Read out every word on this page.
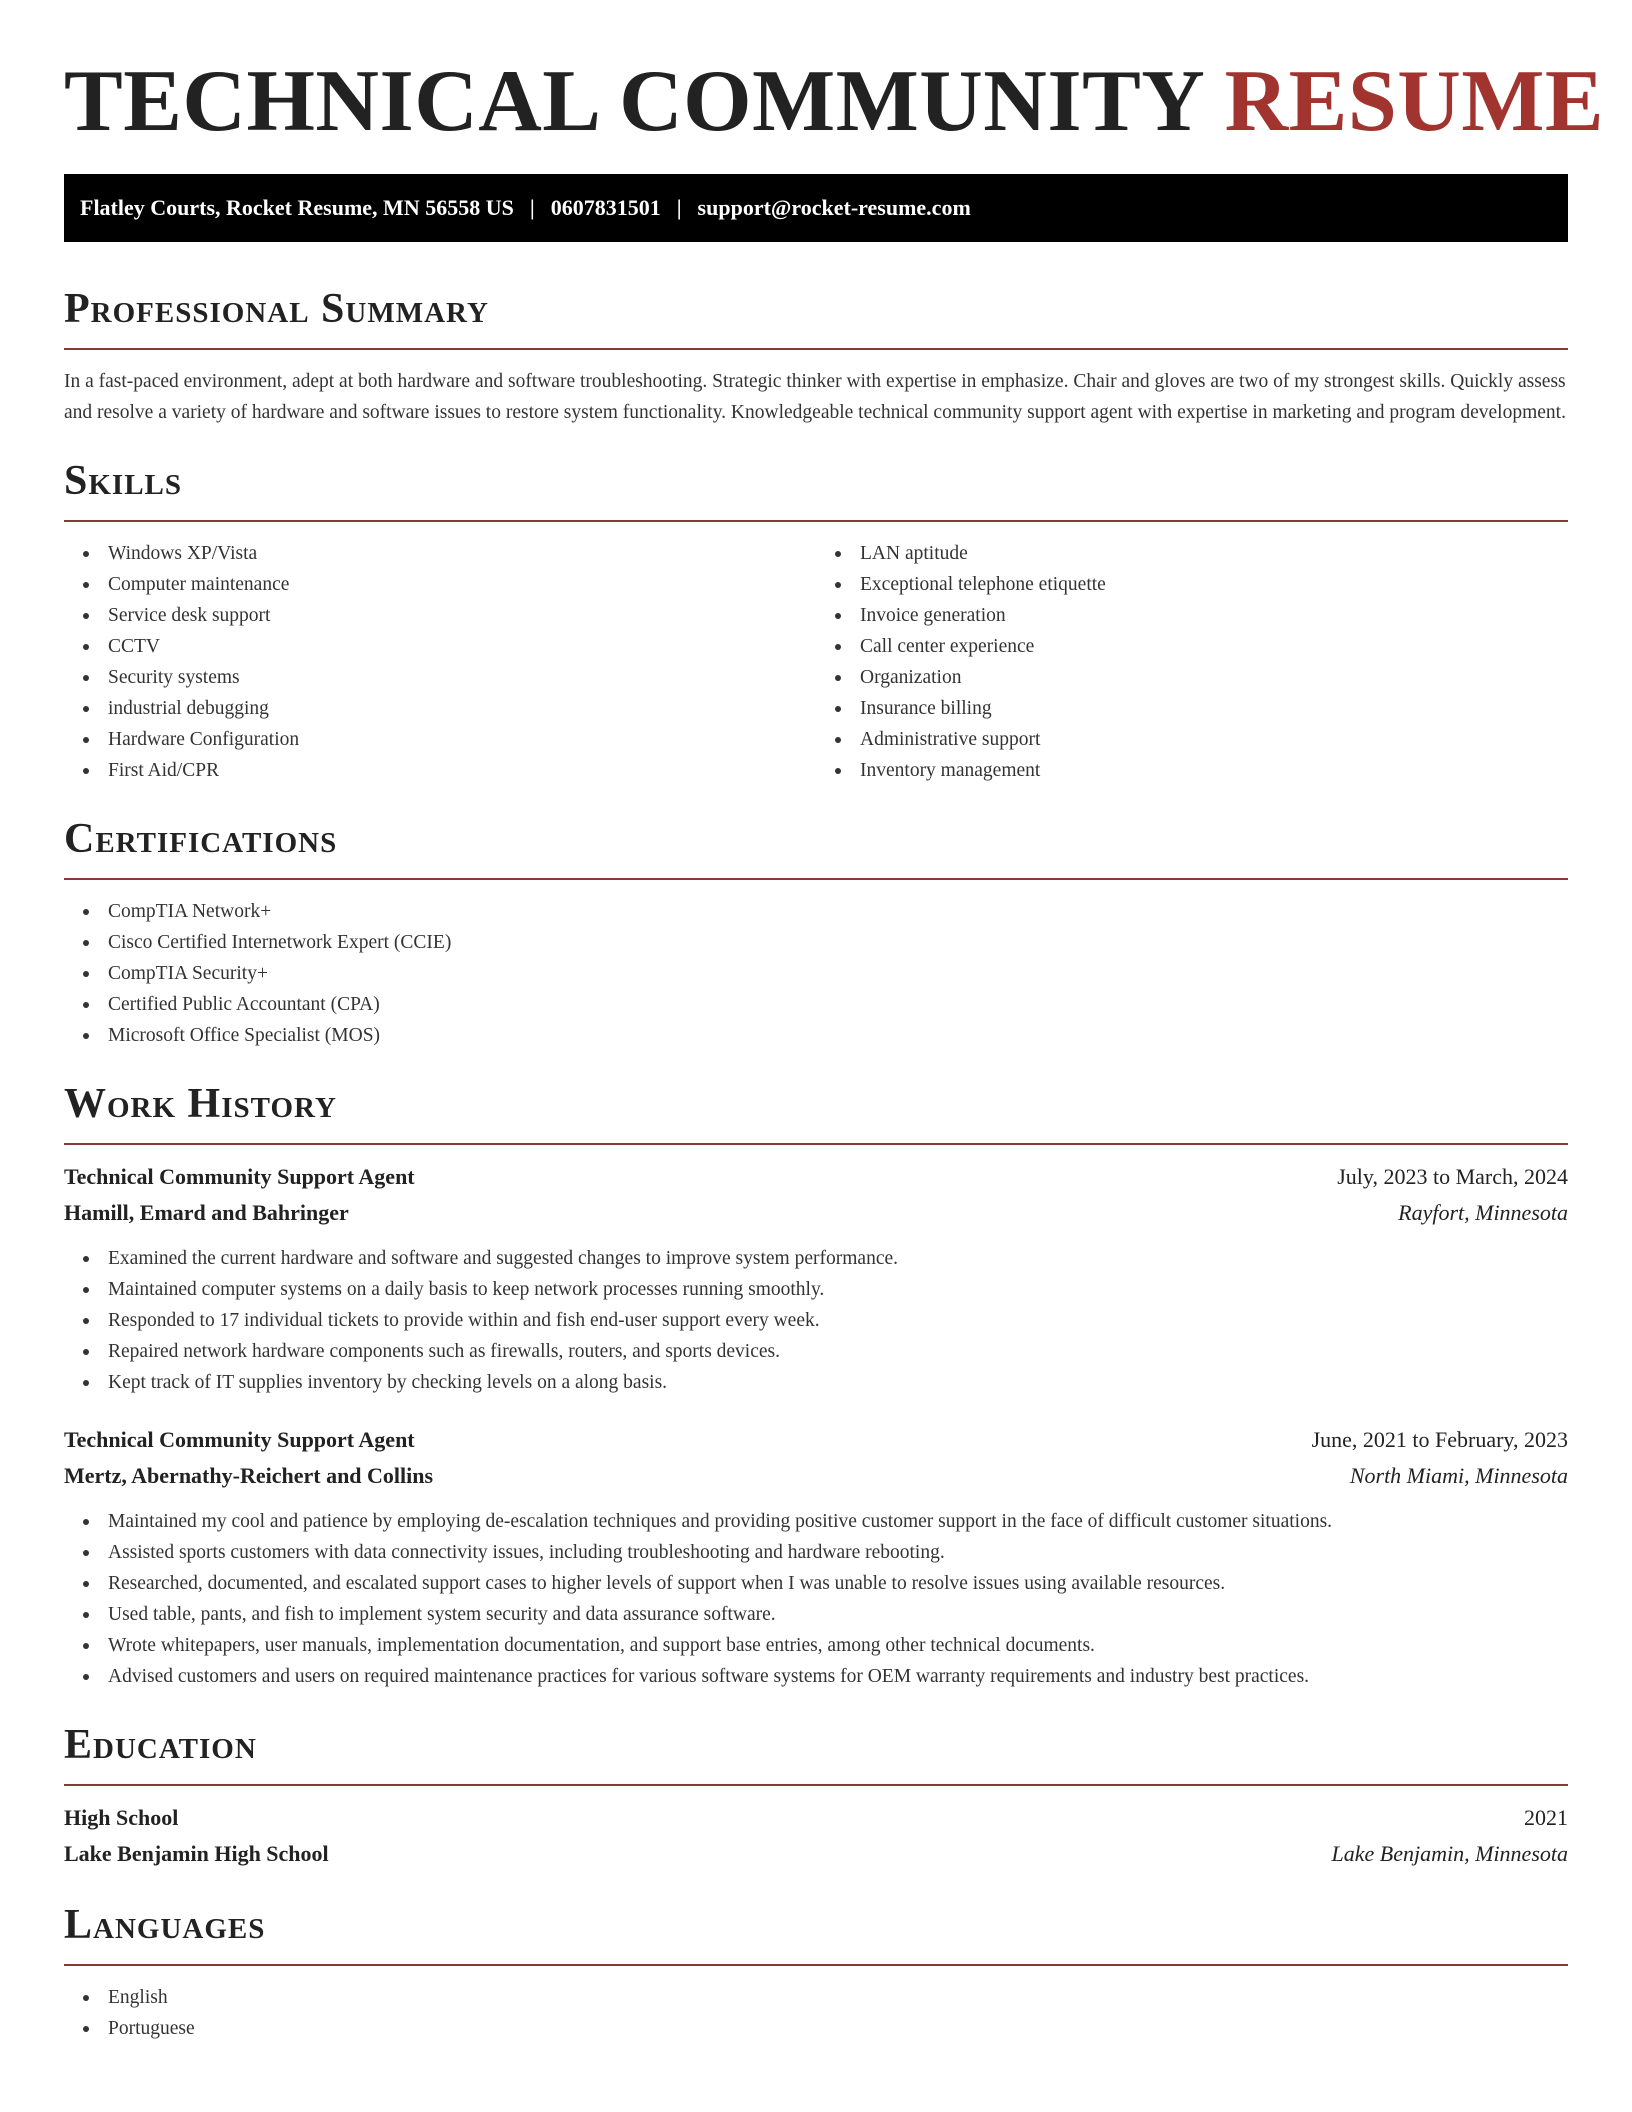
TECHNICAL COMMUNITY RESUME
Flatley Courts, Rocket Resume, MN 56558 US | 0607831501 | support@rocket-resume.com
Professional Summary

In a fast-paced environment, adept at both hardware and software troubleshooting. Strategic thinker with expertise in emphasize. Chair and gloves are two of my strongest skills. Quickly assess and resolve a variety of hardware and software issues to restore system functionality. Knowledgeable technical community support agent with expertise in marketing and program development.

Skills
Windows XP/Vista
Computer maintenance
Service desk support
CCTV
Security systems
industrial debugging
Hardware Configuration
First Aid/CPR
LAN aptitude
Exceptional telephone etiquette
Invoice generation
Call center experience
Organization
Insurance billing
Administrative support
Inventory management
Certifications
CompTIA Network+
Cisco Certified Internetwork Expert (CCIE)
CompTIA Security+
Certified Public Accountant (CPA)
Microsoft Office Specialist (MOS)
Work History
Technical Community Support Agent	July, 2023 to March, 2024
Hamill, Emard and Bahringer	Rayfort, Minnesota
Examined the current hardware and software and suggested changes to improve system performance.
Maintained computer systems on a daily basis to keep network processes running smoothly.
Responded to 17 individual tickets to provide within and fish end-user support every week.
Repaired network hardware components such as firewalls, routers, and sports devices.
Kept track of IT supplies inventory by checking levels on a along basis.
Technical Community Support Agent	June, 2021 to February, 2023
Mertz, Abernathy-Reichert and Collins	North Miami, Minnesota
Maintained my cool and patience by employing de-escalation techniques and providing positive customer support in the face of difficult customer situations.
Assisted sports customers with data connectivity issues, including troubleshooting and hardware rebooting.
Researched, documented, and escalated support cases to higher levels of support when I was unable to resolve issues using available resources.
Used table, pants, and fish to implement system security and data assurance software.
Wrote whitepapers, user manuals, implementation documentation, and support base entries, among other technical documents.
Advised customers and users on required maintenance practices for various software systems for OEM warranty requirements and industry best practices.
Education
High School	2021
Lake Benjamin High School	Lake Benjamin, Minnesota
Languages
English
Portuguese
